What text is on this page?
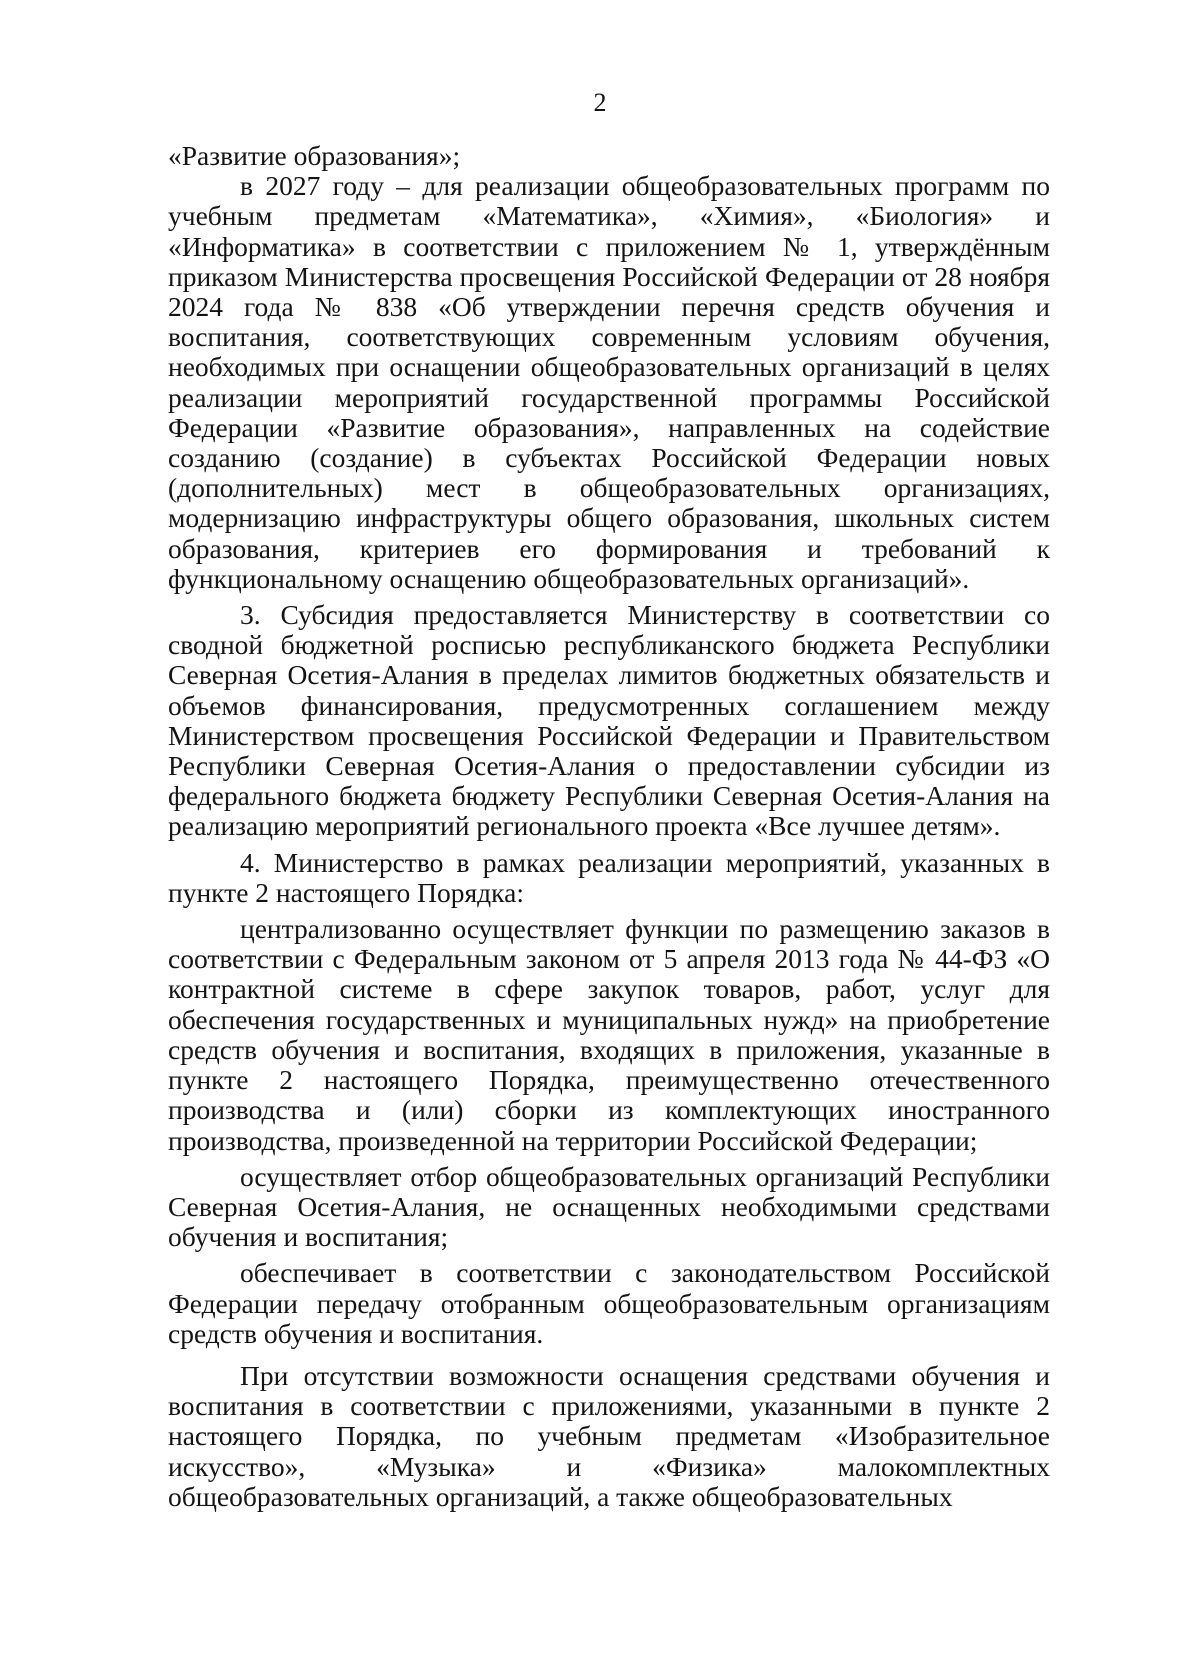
2

«Развитие образования»;

в 2027 году – для реализации общеобразовательных программ по учебным предметам «Математика», «Химия», «Биология» и «Информатика» в соответствии с приложением № 1, утверждённым приказом Министерства просвещения Российской Федерации от 28 ноября 2024 года № 838 «Об утверждении перечня средств обучения и воспитания, соответствующих современным условиям обучения, необходимых при оснащении общеобразовательных организаций в целях реализации мероприятий государственной программы Российской Федерации «Развитие образования», направленных на содействие созданию (создание) в субъектах Российской Федерации новых (дополнительных) мест в общеобразовательных организациях, модернизацию инфраструктуры общего образования, школьных систем образования, критериев его формирования и требований к функциональному оснащению общеобразовательных организаций».

3. Субсидия предоставляется Министерству в соответствии со сводной бюджетной росписью республиканского бюджета Республики Северная Осетия-Алания в пределах лимитов бюджетных обязательств и объемов финансирования, предусмотренных соглашением между Министерством просвещения Российской Федерации и Правительством Республики Северная Осетия-Алания о предоставлении субсидии из федерального бюджета бюджету Республики Северная Осетия-Алания на реализацию мероприятий регионального проекта «Все лучшее детям».

4. Министерство в рамках реализации мероприятий, указанных в пункте 2 настоящего Порядка:

централизованно осуществляет функции по размещению заказов в соответствии с Федеральным законом от 5 апреля 2013 года № 44-ФЗ «О контрактной системе в сфере закупок товаров, работ, услуг для обеспечения государственных и муниципальных нужд» на приобретение средств обучения и воспитания, входящих в приложения, указанные в пункте 2 настоящего Порядка, преимущественно отечественного производства и (или) сборки из комплектующих иностранного производства, произведенной на территории Российской Федерации;

осуществляет отбор общеобразовательных организаций Республики Северная Осетия-Алания, не оснащенных необходимыми средствами обучения и воспитания;

обеспечивает в соответствии с законодательством Российской Федерации передачу отобранным общеобразовательным организациям средств обучения и воспитания.

При отсутствии возможности оснащения средствами обучения и воспитания в соответствии с приложениями, указанными в пункте 2 настоящего Порядка, по учебным предметам «Изобразительное искусство», «Музыка» и «Физика» малокомплектных общеобразовательных организаций, а также общеобразовательных
